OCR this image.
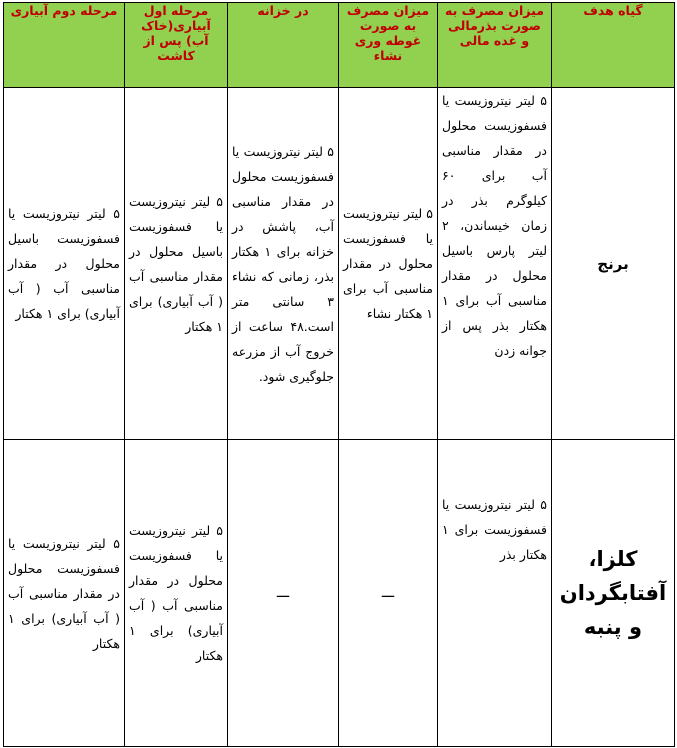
گیاه هدف	میزان مصرف به صورت بذرمالی و غده مالی	میزان مصرف به صورت غوطه وری نشاء	در خزانه	مرحله اول آبیاری(خاک آب) پس از کاشت	مرحله دوم آبیاری
برنج	۵ لیتر نیتروزیست یا فسفوزیست محلول در مقدار مناسبی آب برای ۶۰ کیلوگرم بذر در زمان خیساندن، ۲ لیتر پارس باسیل محلول در مقدار مناسبی آب برای ۱ هکتار بذر پس از جوانه زدن	۵ لیتر نیتروزیست یا فسفوزیست محلول در مقدار مناسبی آب برای ۱ هکتار نشاء	۵ لیتر نیتروزیست یا فسفوزیست محلول در مقدار مناسبی آب، پاشش در خزانه برای ۱ هکتار بذر، زمانی که نشاء ۳ سانتی متر است.۴۸ ساعت از خروج آب از مزرعه جلوگیری شود.	۵ لیتر نیتروزیست یا فسفوزیست باسیل محلول در مقدار مناسبی آب ( آب آبیاری) برای ۱ هکتار	۵ لیتر نیتروزیست یا فسفوزیست باسیل محلول در مقدار مناسبی آب ( آب آبیاری) برای ۱ هکتار
کلزا، آفتابگردان و پنبه	۵ لیتر نیتروزیست یا فسفوزیست برای ۱ هکتار بذر	ـــ	ـــ	۵ لیتر نیتروزیست یا فسفوزیست محلول در مقدار مناسبی آب ( آب آبیاری) برای ۱ هکتار	۵ لیتر نیتروزیست یا فسفوزیست محلول در مقدار مناسبی آب ( آب آبیاری) برای ۱ هکتار
